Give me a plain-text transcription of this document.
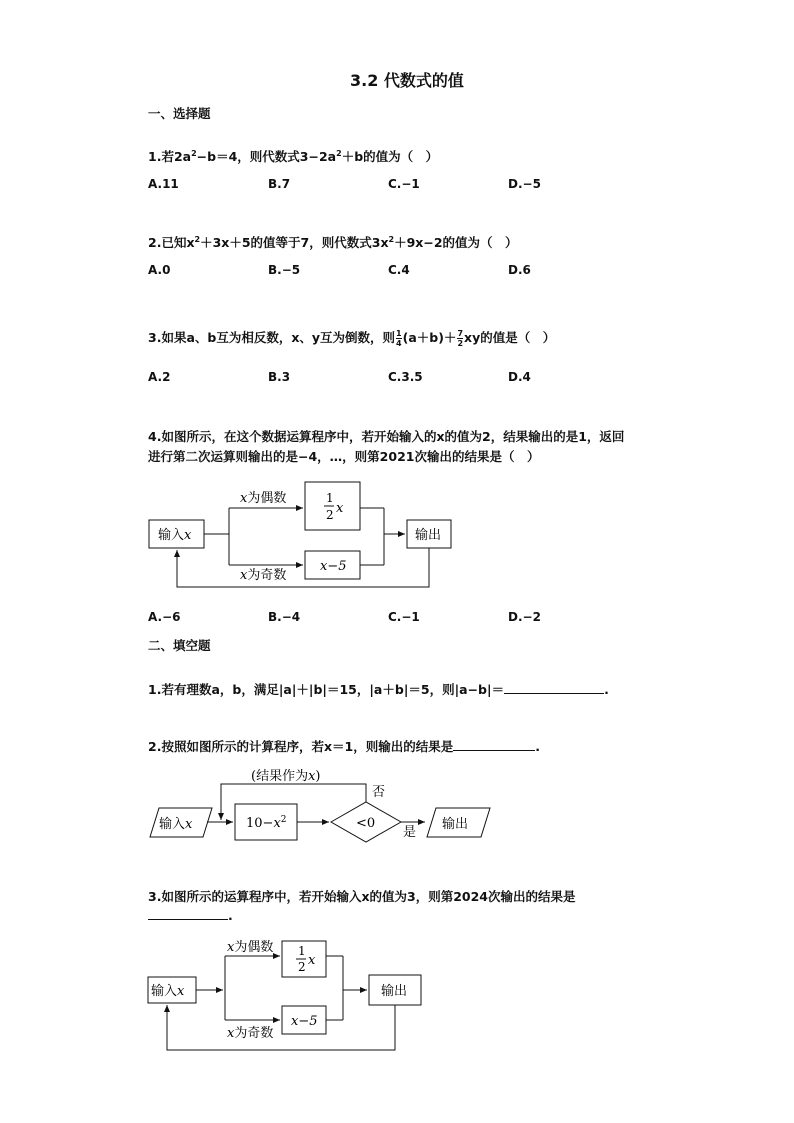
3.2 代数式的值
一、选择题
1.若$2a^2-b=4$，则代数式$3-2a^2+b$的值为（　）
A.11	B.7	C.−1	D.−5
2.已知$x^2+3x+5$的值等于7，则代数式$3x^2+9x-2$的值为（　）
A.0	B.−5	C.4	D.6
3.如果a、b互为相反数，x、y互为倒数，则 $\frac{1}{4} (a+b)+ \frac{7}{2}$ xy的值是（　）
A.2	B.3	C.3.5	D.4
4.如图所示，在这个数据运算程序中，若开始输入的x的值为2，结果输出的是1，返回
进行第二次运算则输出的是−4，…，则第2021次输出的结果是（　）
输入x
x为偶数
x为奇数
1
2 x
x−5
输出
A.−6	B.−4	C.−1	D.−2
二、填空题
1.若有理数a，b，满足|a|＋|b|＝15，|a＋b|＝5，则|a−b|＝	.
2.按照如图所示的计算程序，若x＝1，则输出的结果是	.
(结果作为x)
否
是
输入x	$10-x^2$	<0	输出
3.如图所示的运算程序中，若开始输入x的值为3，则第2024次输出的结果是
.
输入x
x为偶数
x为奇数
1
2 x
x−5
输出
